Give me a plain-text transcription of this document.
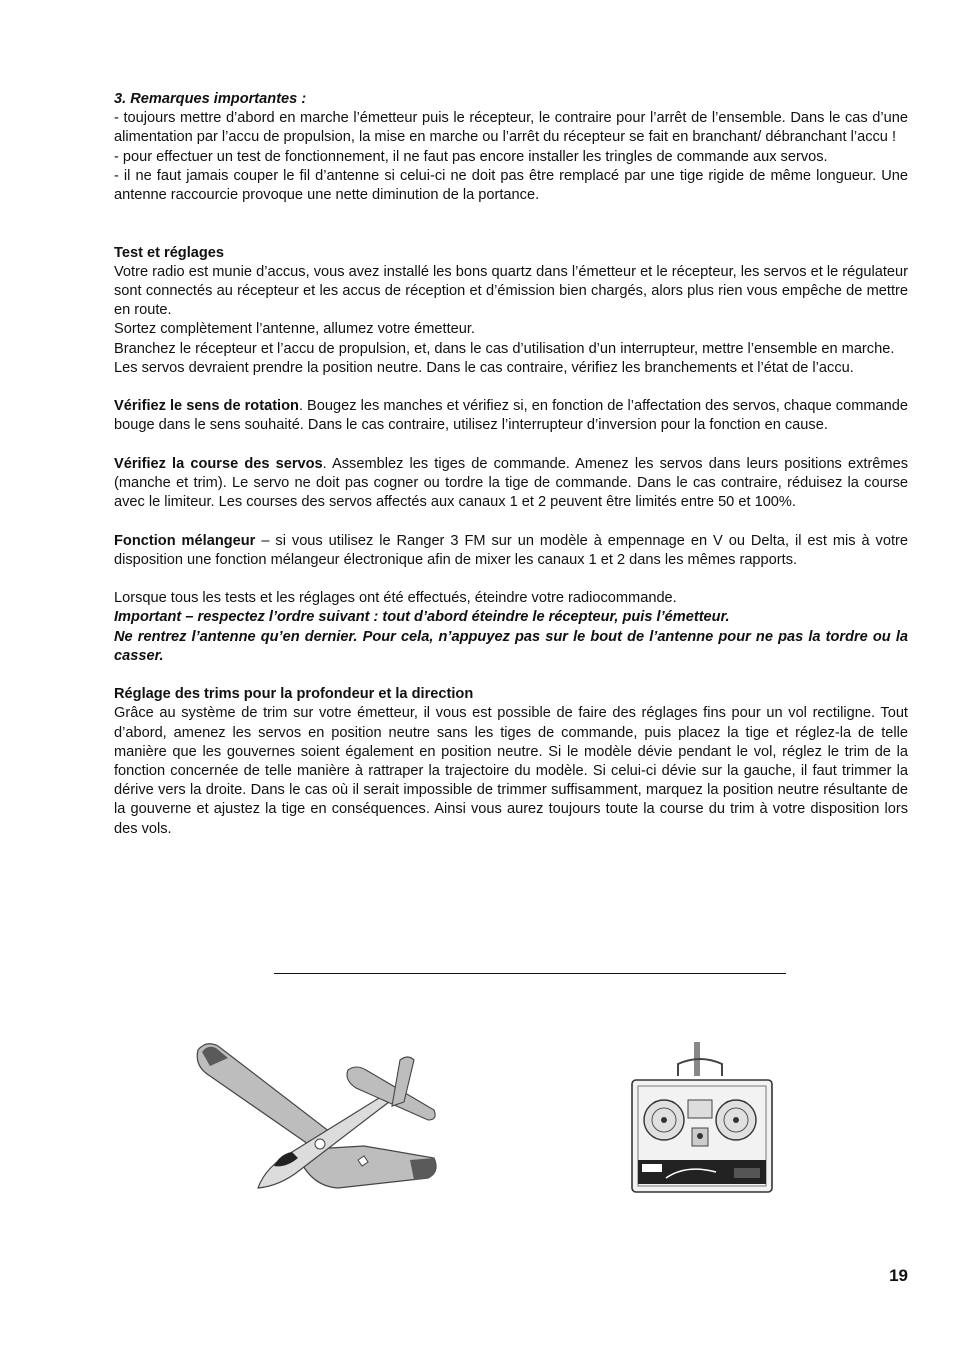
3. Remarques importantes :

- toujours mettre d’abord en marche l’émetteur puis le récepteur, le contraire pour l’arrêt de l’ensemble. Dans le cas d’une alimentation par l’accu de propulsion, la mise en marche ou l’arrêt du récepteur se fait en branchant/ débranchant l’accu !

- pour effectuer un test de fonctionnement, il ne faut pas encore installer les tringles de commande aux servos.

- il ne faut jamais couper le fil d’antenne si celui-ci ne doit pas être remplacé par une tige rigide de même longueur. Une antenne raccourcie provoque une nette diminution de la portance.

Test et réglages

Votre radio est munie d’accus, vous avez installé les bons quartz dans l’émetteur et le récepteur, les servos et le régulateur sont connectés au récepteur et les accus de réception et d’émission bien chargés, alors plus rien vous empêche de mettre en route.

Sortez complètement l’antenne, allumez votre émetteur.

Branchez le récepteur et l’accu de propulsion, et, dans le cas d’utilisation d’un interrupteur, mettre l’ensemble en marche.

Les servos devraient prendre la position neutre. Dans le cas contraire, vérifiez les branchements et l’état de l’accu.

Vérifiez le sens de rotation. Bougez les manches et vérifiez si, en fonction de l’affectation des servos, chaque commande bouge dans le sens souhaité. Dans le cas contraire, utilisez l’interrupteur d’inversion pour la fonction en cause.

Vérifiez la course des servos. Assemblez les tiges de commande. Amenez les servos dans leurs positions extrêmes (manche et trim). Le servo ne doit pas cogner ou tordre la tige de commande. Dans le cas contraire, réduisez la course avec le limiteur. Les courses des servos affectés aux canaux 1 et 2 peuvent être limités entre 50 et 100%.

Fonction mélangeur – si vous utilisez le Ranger 3 FM sur un modèle à empennage en V ou Delta, il est mis à votre disposition une fonction mélangeur électronique afin de mixer les canaux 1 et 2 dans les mêmes rapports.

Lorsque tous les tests et les réglages ont été effectués, éteindre votre radiocommande.

Important – respectez l’ordre suivant : tout d’abord éteindre le récepteur, puis l’émetteur.

Ne rentrez l’antenne qu’en dernier. Pour cela, n’appuyez pas sur le bout de l’antenne pour ne pas la tordre ou la casser.

Réglage des trims pour la profondeur et la direction

Grâce au système de trim sur votre émetteur, il vous est possible de faire des réglages fins pour un vol rectiligne. Tout d’abord, amenez les servos en position neutre sans les tiges de commande, puis placez la tige et réglez-la de telle manière que les gouvernes soient également en position neutre. Si le modèle dévie pendant le vol, réglez le trim de la fonction concernée de telle manière à rattraper la trajectoire du modèle. Si celui-ci dévie sur la gauche, il faut trimmer la dérive vers la droite. Dans le cas où il serait impossible de trimmer suffisamment, marquez la position neutre résultante de la gouverne et ajustez la tige en conséquences. Ainsi vous aurez toujours toute la course du trim à votre disposition lors des vols.

19
